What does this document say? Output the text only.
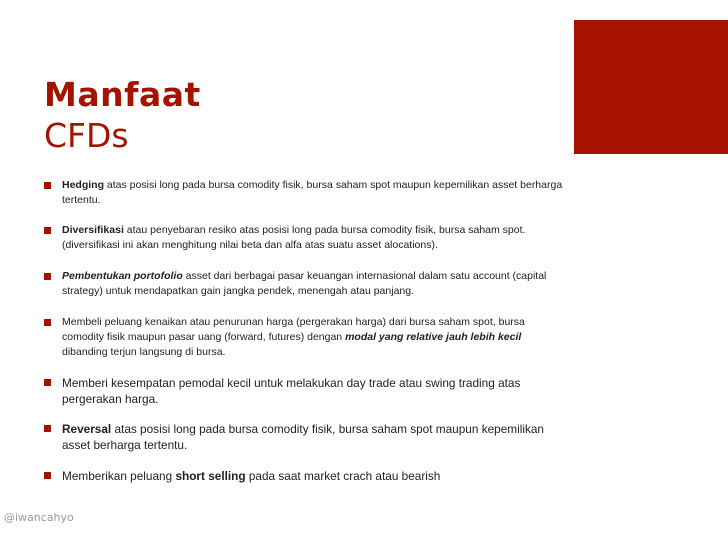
Manfaat
CFDs
Hedging atas posisi long pada bursa comodity fisik, bursa saham spot maupun kepemilikan asset berharga tertentu.
Diversifikasi atau penyebaran resiko atas posisi long pada bursa comodity fisik, bursa saham spot. (diversifikasi ini akan menghitung nilai beta dan alfa atas suatu asset alocations).
Pembentukan portofolio asset dari berbagai pasar keuangan internasional dalam satu account (capital strategy) untuk mendapatkan gain jangka pendek, menengah atau panjang.
Membeli peluang kenaikan atau penurunan harga (pergerakan harga) dari bursa saham spot, bursa comodity fisik maupun pasar uang (forward, futures) dengan modal yang relative jauh lebih kecil dibanding terjun langsung di bursa.
Memberi kesempatan pemodal kecil untuk melakukan day trade atau swing trading atas pergerakan harga.
Reversal atas posisi long pada bursa comodity fisik, bursa saham spot maupun kepemilikan asset berharga tertentu.
Memberikan peluang short selling pada saat market crach atau bearish
@iwancahyo
